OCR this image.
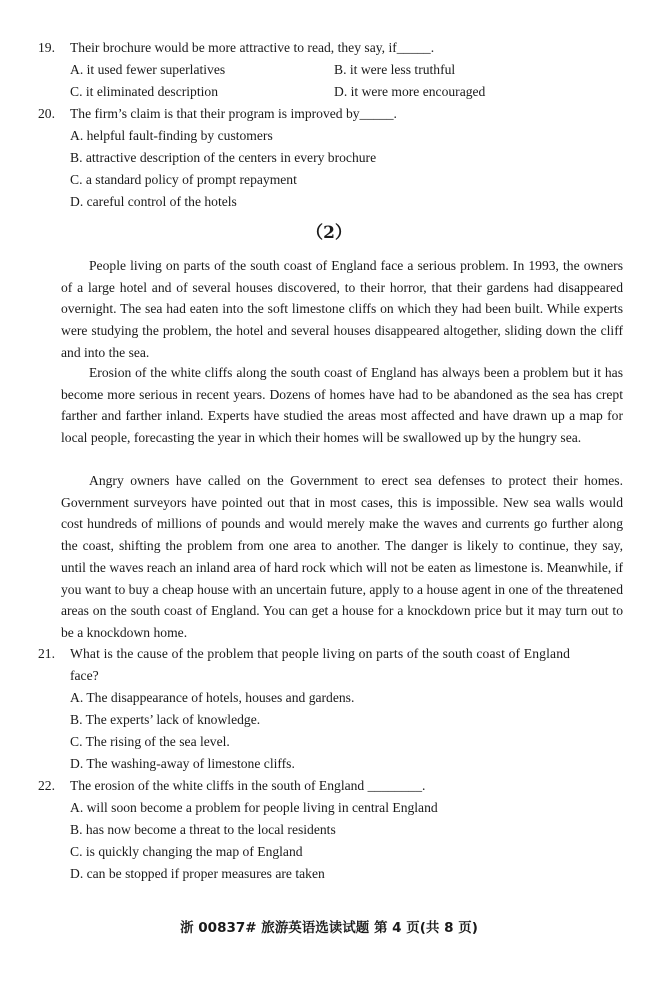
19. Their brochure would be more attractive to read, they say, if_____.
A. it used fewer superlatives	B. it were less truthful
C. it eliminated description	D. it were more encouraged
20. The firm’s claim is that their program is improved by_____.
A. helpful fault-finding by customers
B. attractive description of the centers in every brochure
C. a standard policy of prompt repayment
D. careful control of the hotels
（2）

People living on parts of the south coast of England face a serious problem. In 1993, the owners of a large hotel and of several houses discovered, to their horror, that their gardens had disappeared overnight. The sea had eaten into the soft limestone cliffs on which they had been built. While experts were studying the problem, the hotel and several houses disappeared altogether, sliding down the cliff and into the sea.

Erosion of the white cliffs along the south coast of England has always been a problem but it has become more serious in recent years. Dozens of homes have had to be abandoned as the sea has crept farther and farther inland. Experts have studied the areas most affected and have drawn up a map for local people, forecasting the year in which their homes will be swallowed up by the hungry sea.

Angry owners have called on the Government to erect sea defenses to protect their homes. Government surveyors have pointed out that in most cases, this is impossible. New sea walls would cost hundreds of millions of pounds and would merely make the waves and currents go further along the coast, shifting the problem from one area to another. The danger is likely to continue, they say, until the waves reach an inland area of hard rock which will not be eaten as limestone is. Meanwhile, if you want to buy a cheap house with an uncertain future, apply to a house agent in one of the threatened areas on the south coast of England. You can get a house for a knockdown price but it may turn out to be a knockdown home.

21. What is the cause of the problem that people living on parts of the south coast of England
face?
A. The disappearance of hotels, houses and gardens.
B. The experts’ lack of knowledge.
C. The rising of the sea level.
D. The washing-away of limestone cliffs.
22. The erosion of the white cliffs in the south of England ________.
A. will soon become a problem for people living in central England
B. has now become a threat to the local residents
C. is quickly changing the map of England
D. can be stopped if proper measures are taken
浙 00837# 旅游英语选读试题 第 4 页(共 8 页)
